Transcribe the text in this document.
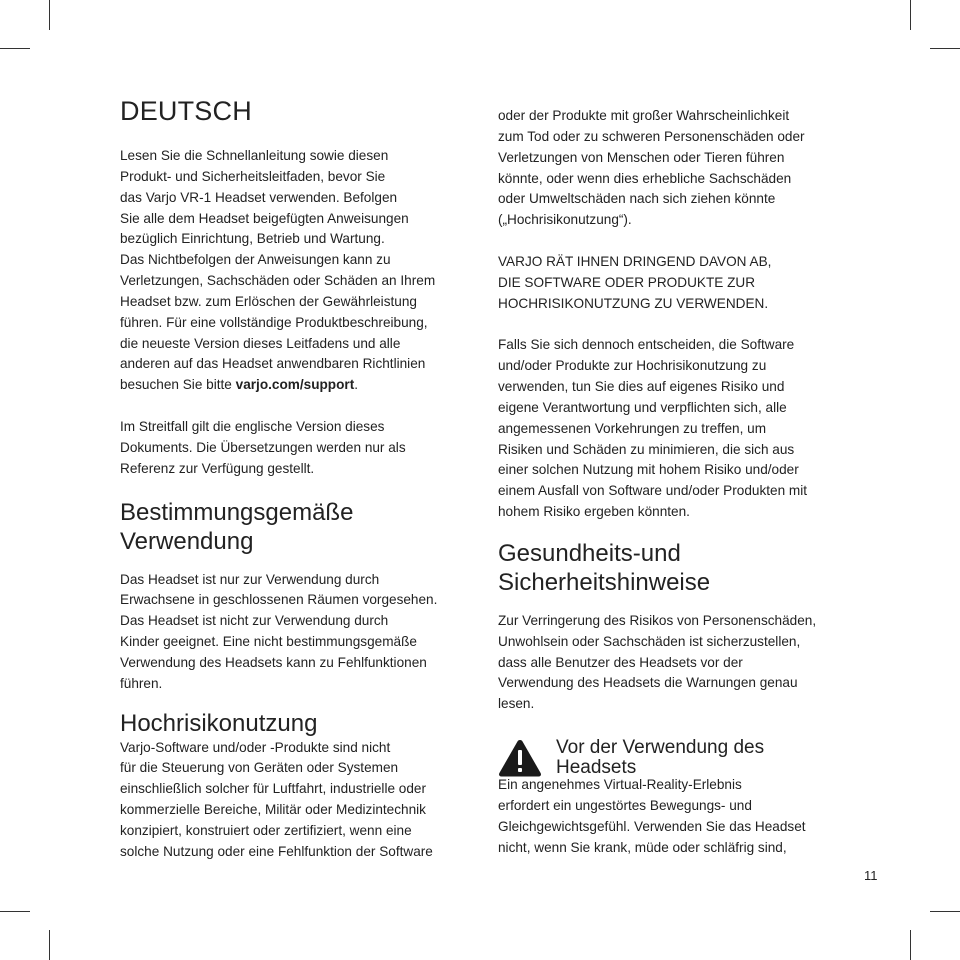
DEUTSCH

Lesen Sie die Schnellanleitung sowie diesen
Produkt- und Sicherheitsleitfaden, bevor Sie
das Varjo VR-1 Headset verwenden. Befolgen
Sie alle dem Headset beigefügten Anweisungen
bezüglich Einrichtung, Betrieb und Wartung.
Das Nichtbefolgen der Anweisungen kann zu
Verletzungen, Sachschäden oder Schäden an Ihrem
Headset bzw. zum Erlöschen der Gewährleistung
führen. Für eine vollständige Produktbeschreibung,
die neueste Version dieses Leitfadens und alle
anderen auf das Headset anwendbaren Richtlinien
besuchen Sie bitte varjo.com/support.

Im Streitfall gilt die englische Version dieses
Dokuments. Die Übersetzungen werden nur als
Referenz zur Verfügung gestellt.

Bestimmungsgemäße
Verwendung

Das Headset ist nur zur Verwendung durch
Erwachsene in geschlossenen Räumen vorgesehen.
Das Headset ist nicht zur Verwendung durch
Kinder geeignet. Eine nicht bestimmungsgemäße
Verwendung des Headsets kann zu Fehlfunktionen
führen.

Hochrisikonutzung

Varjo-Software und/oder -Produkte sind nicht
für die Steuerung von Geräten oder Systemen
einschließlich solcher für Luftfahrt, industrielle oder
kommerzielle Bereiche, Militär oder Medizintechnik
konzipiert, konstruiert oder zertifiziert, wenn eine
solche Nutzung oder eine Fehlfunktion der Software

oder der Produkte mit großer Wahrscheinlichkeit
zum Tod oder zu schweren Personenschäden oder
Verletzungen von Menschen oder Tieren führen
könnte, oder wenn dies erhebliche Sachschäden
oder Umweltschäden nach sich ziehen könnte
(„Hochrisikonutzung“).

VARJO RÄT IHNEN DRINGEND DAVON AB,
DIE SOFTWARE ODER PRODUKTE ZUR
HOCHRISIKONUTZUNG ZU VERWENDEN.

Falls Sie sich dennoch entscheiden, die Software
und/oder Produkte zur Hochrisikonutzung zu
verwenden, tun Sie dies auf eigenes Risiko und
eigene Verantwortung und verpflichten sich, alle
angemessenen Vorkehrungen zu treffen, um
Risiken und Schäden zu minimieren, die sich aus
einer solchen Nutzung mit hohem Risiko und/oder
einem Ausfall von Software und/oder Produkten mit
hohem Risiko ergeben könnten.

Gesundheits-und
Sicherheitshinweise

Zur Verringerung des Risikos von Personenschäden,
Unwohlsein oder Sachschäden ist sicherzustellen,
dass alle Benutzer des Headsets vor der
Verwendung des Headsets die Warnungen genau
lesen.

Vor der Verwendung des
Headsets

Ein angenehmes Virtual-Reality-Erlebnis
erfordert ein ungestörtes Bewegungs- und
Gleichgewichtsgefühl. Verwenden Sie das Headset
nicht, wenn Sie krank, müde oder schläfrig sind,

11
